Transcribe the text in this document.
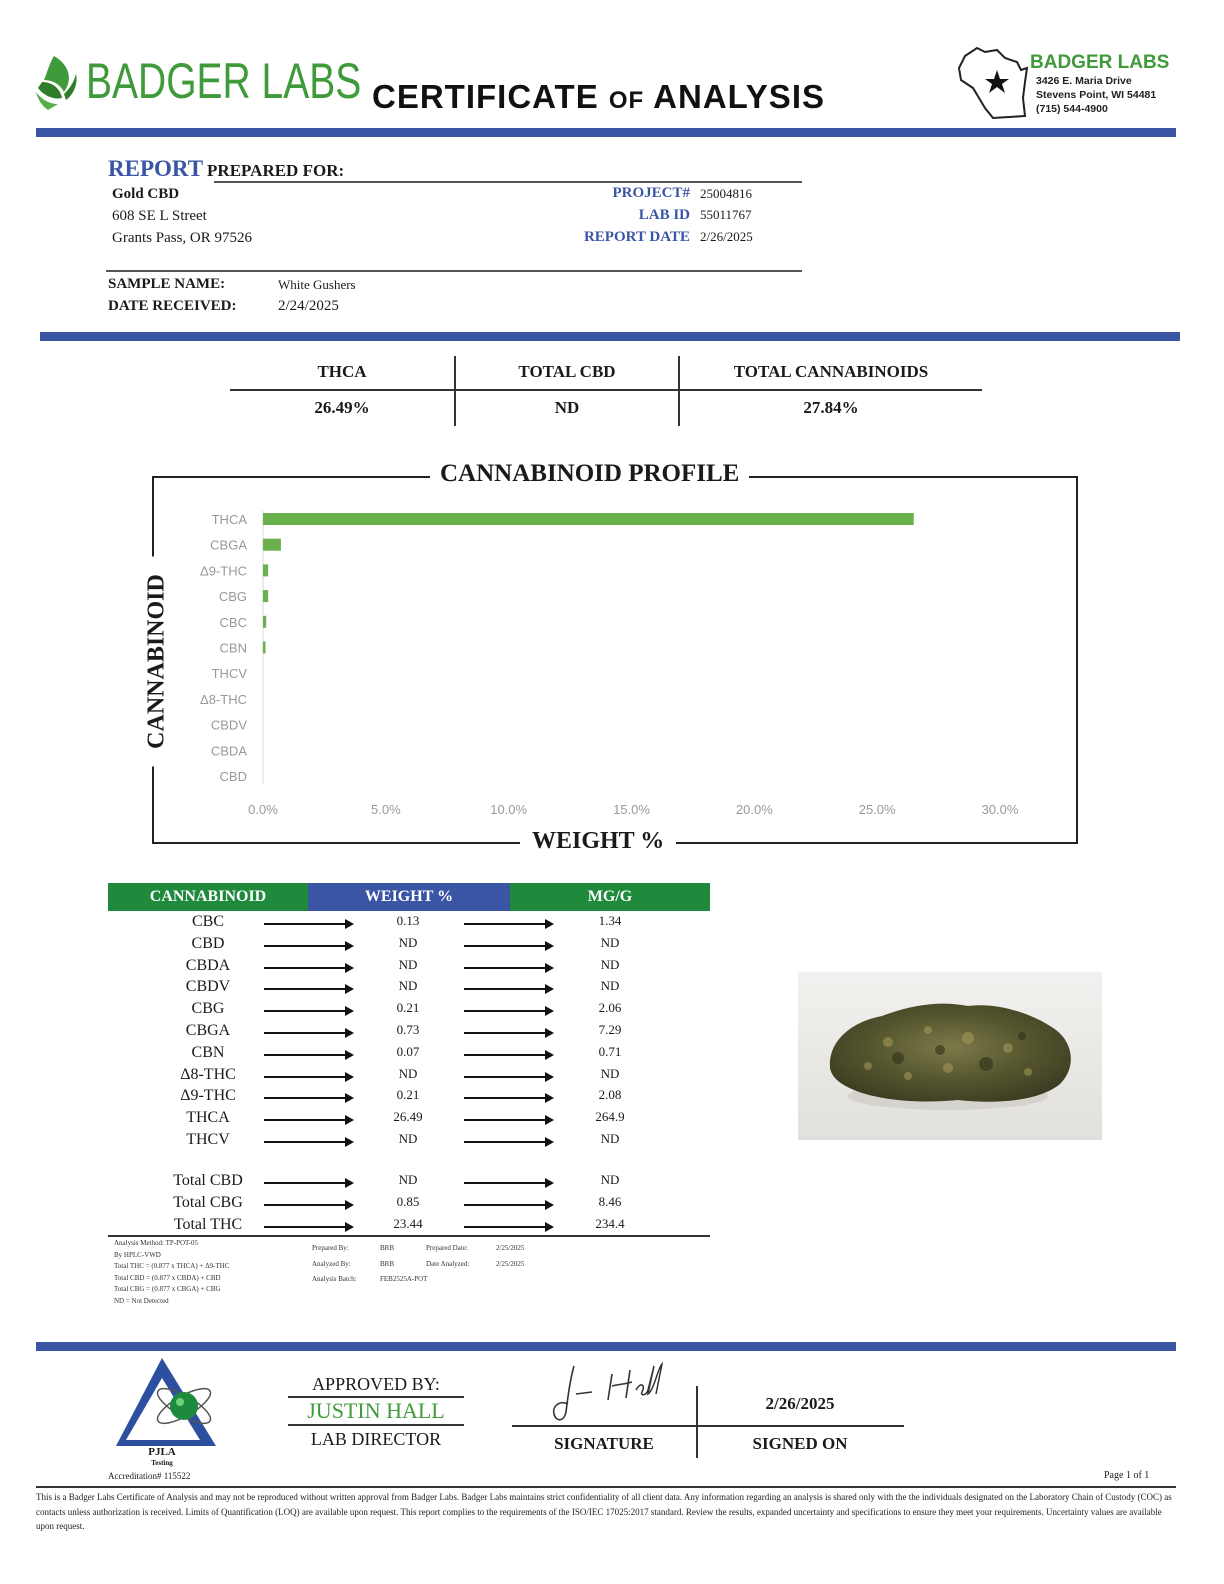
BADGER LABS CERTIFICATE OF ANALYSIS
BADGER LABS
3426 E. Maria Drive
Stevens Point, WI 54481
(715) 544-4900
REPORT PREPARED FOR:
Gold CBD
608 SE L Street
Grants Pass, OR 97526
PROJECT# 25004816
LAB ID 55011767
REPORT DATE 2/26/2025
SAMPLE NAME:	White Gushers
DATE RECEIVED:	2/24/2025
THCA	TOTAL CBD	TOTAL CANNABINOIDS
26.49%	ND	27.84%
THCA
CBGA
Δ9-THC
CBG
CBC
CBN
THCV
Δ8-THC
CBDV
CBDA
CBD
0.0%	5.0%	10.0%	15.0%	20.0%	25.0%	30.0%
CANNABINOID PROFILE
WEIGHT %
CANNABINOID
CANNABINOID	WEIGHT %	MG/G
CBC	0.13	1.34
CBD	ND	ND
CBDA	ND	ND
CBDV	ND	ND
CBG	0.21	2.06
CBGA	0.73	7.29
CBN	0.07	0.71
Δ8-THC	ND	ND
Δ9-THC	0.21	2.08
THCA	26.49	264.9
THCV	ND	ND
Total CBD	ND	ND
Total CBG	0.85	8.46
Total THC	23.44	234.4
Analysis Method: TP-POT-05
By HPLC-VWD
Total THC = (0.877 x THCA) + Δ9-THC
Total CBD = (0.877 x CBDA) + CBD
Total CBG = (0.877 x CBGA) + CBG
ND = Not Detected
Prepared By:	BRB	Prepared Date:	2/25/2025
Analyzed By:	BRB	Date Analyzed:	2/25/2025
Analysis Batch:	FEB2525A-POT
PJLA
Testing
Accreditation# 115522
APPROVED BY:
JUSTIN HALL
LAB DIRECTOR	SIGNATURE
2/26/2025
SIGNED ON
Page 1 of 1
This is a Badger Labs Certificate of Analysis and may not be reproduced without written approval from Badger Labs. Badger Labs maintains strict confidentiality of all client data. Any information regarding an analysis is shared only with the the individuals designated on the Laboratory Chain of Custody (COC) as contacts unless authorization is received. Limits of Quantification (LOQ) are available upon request. This report complies to the requirements of the ISO/IEC 17025:2017 standard. Review the results, expanded uncertainty and specifications to ensure they meet your requirements. Uncertainty values are available upon request.
